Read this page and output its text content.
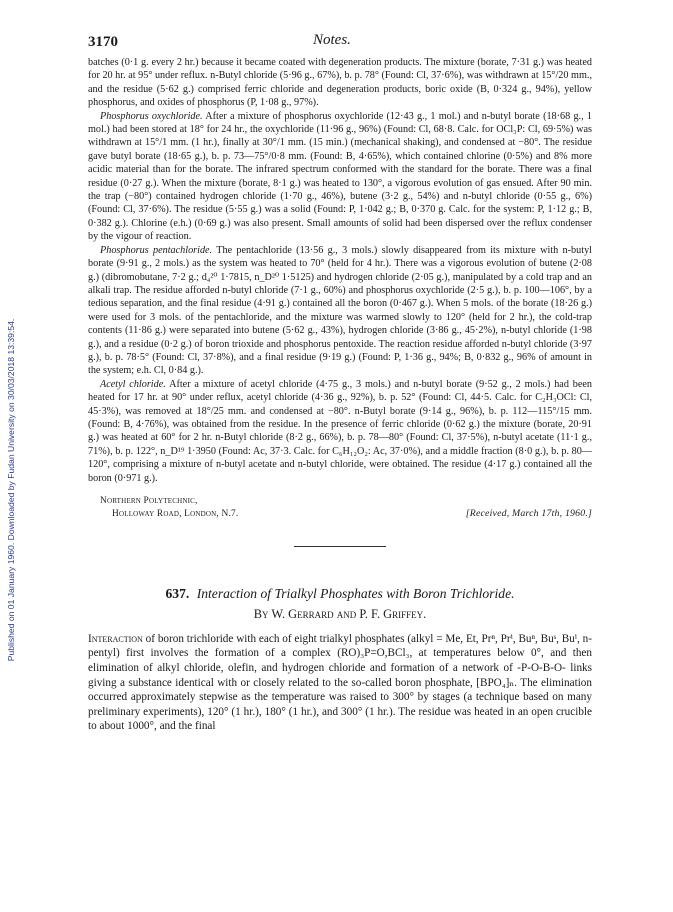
3170	Notes.
Published on 01 January 1960. Downloaded by Fudan University on 30/03/2018 13:39:54.

batches (0·1 g. every 2 hr.) because it became coated with degeneration products. The mixture (borate, 7·31 g.) was heated for 20 hr. at 95° under reflux. n-Butyl chloride (5·96 g., 67%), b. p. 78° (Found: Cl, 37·6%), was withdrawn at 15°/20 mm., and the residue (5·62 g.) comprised ferric chloride and degeneration products, boric oxide (B, 0·324 g., 94%), yellow phosphorus, and oxides of phosphorus (P, 1·08 g., 97%).

Phosphorus oxychloride. After a mixture of phosphorus oxychloride (12·43 g., 1 mol.) and n-butyl borate (18·68 g., 1 mol.) had been stored at 18° for 24 hr., the oxychloride (11·96 g., 96%) (Found: Cl, 68·8. Calc. for OCl₃P: Cl, 69·5%) was withdrawn at 15°/1 mm. (1 hr.), finally at 30°/1 mm. (15 min.) (mechanical shaking), and condensed at −80°. The residue gave butyl borate (18·65 g.), b. p. 73—75°/0·8 mm. (Found: B, 4·65%), which contained chlorine (0·5%) and 8% more acidic material than for the borate. The infrared spectrum conformed with the standard for the borate. There was a final residue (0·27 g.). When the mixture (borate, 8·1 g.) was heated to 130°, a vigorous evolution of gas ensued. After 90 min. the trap (−80°) contained hydrogen chloride (1·70 g., 46%), butene (3·2 g., 54%) and n-butyl chloride (0·55 g., 6%) (Found: Cl, 37·6%). The residue (5·55 g.) was a solid (Found: P, 1·042 g.; B, 0·370 g. Calc. for the system: P, 1·12 g.; B, 0·382 g.). Chlorine (e.h.) (0·69 g.) was also present. Small amounts of solid had been dispersed over the reflux condenser by the vigour of reaction.

Phosphorus pentachloride. The pentachloride (13·56 g., 3 mols.) slowly disappeared from its mixture with n-butyl borate (9·91 g., 2 mols.) as the system was heated to 70° (held for 4 hr.). There was a vigorous evolution of butene (2·08 g.) (dibromobutane, 7·2 g.; d₄²⁰ 1·7815, n_D²⁰ 1·5125) and hydrogen chloride (2·05 g.), manipulated by a cold trap and an alkali trap. The residue afforded n-butyl chloride (7·1 g., 60%) and phosphorus oxychloride (2·5 g.), b. p. 100—106°, by a tedious separation, and the final residue (4·91 g.) contained all the boron (0·467 g.). When 5 mols. of the borate (18·26 g.) were used for 3 mols. of the pentachloride, and the mixture was warmed slowly to 120° (held for 2 hr.), the cold-trap contents (11·86 g.) were separated into butene (5·62 g., 43%), hydrogen chloride (3·86 g., 45·2%), n-butyl chloride (1·98 g.), and a residue (0·2 g.) of boron trioxide and phosphorus pentoxide. The reaction residue afforded n-butyl chloride (3·97 g.), b. p. 78·5° (Found: Cl, 37·8%), and a final residue (9·19 g.) (Found: P, 1·36 g., 94%; B, 0·832 g., 96% of amount in the system; e.h. Cl, 0·84 g.).

Acetyl chloride. After a mixture of acetyl chloride (4·75 g., 3 mols.) and n-butyl borate (9·52 g., 2 mols.) had been heated for 17 hr. at 90° under reflux, acetyl chloride (4·36 g., 92%), b. p. 52° (Found: Cl, 44·5. Calc. for C₂H₃OCl: Cl, 45·3%), was removed at 18°/25 mm. and condensed at −80°. n-Butyl borate (9·14 g., 96%), b. p. 112—115°/15 mm. (Found: B, 4·76%), was obtained from the residue. In the presence of ferric chloride (0·62 g.) the mixture (borate, 20·91 g.) was heated at 60° for 2 hr. n-Butyl chloride (8·2 g., 66%), b. p. 78—80° (Found: Cl, 37·5%), n-butyl acetate (11·1 g., 71%), b. p. 122°, n_D¹⁹ 1·3950 (Found: Ac, 37·3. Calc. for C₆H₁₂O₂: Ac, 37·0%), and a middle fraction (8·0 g.), b. p. 80—120°, comprising a mixture of n-butyl acetate and n-butyl chloride, were obtained. The residue (4·17 g.) contained all the boron (0·971 g.).

Northern Polytechnic,
Holloway Road, London, N.7.	[Received, March 17th, 1960.]
637. Interaction of Trialkyl Phosphates with Boron Trichloride.
By W. Gerrard and P. F. Griffey.

Interaction of boron trichloride with each of eight trialkyl phosphates (alkyl = Me, Et, Prⁿ, Prⁱ, Buⁿ, Buˢ, Buⁱ, n-pentyl) first involves the formation of a complex (RO)₃P=O,BCl₃, at temperatures below 0°, and then elimination of alkyl chloride, olefin, and hydrogen chloride and formation of a network of -P-O-B-O- links giving a substance identical with or closely related to the so-called boron phosphate, [BPO₄]ₙ. The elimination occurred approximately stepwise as the temperature was raised to 300° by stages (a technique based on many preliminary experiments), 120° (1 hr.), 180° (1 hr.), and 300° (1 hr.). The residue was heated in an open crucible to about 1000°, and the final
